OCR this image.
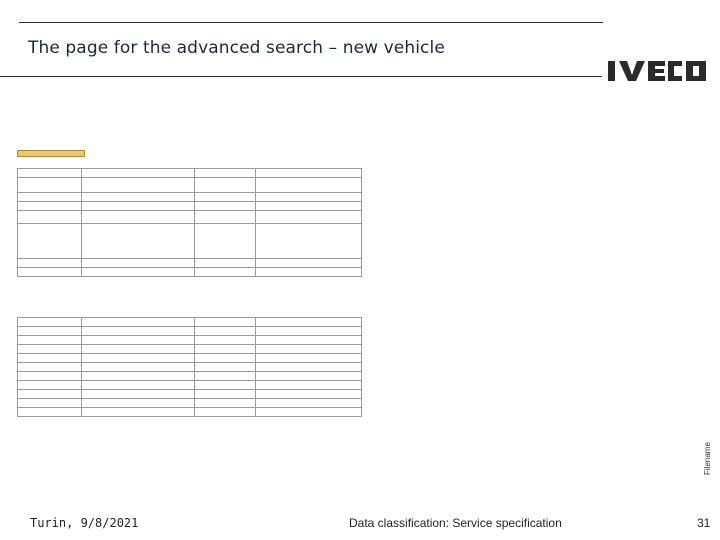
The page for the advanced search – new vehicle
Filename

Turin, 9/8/2021	Data classification: Service specification	31
